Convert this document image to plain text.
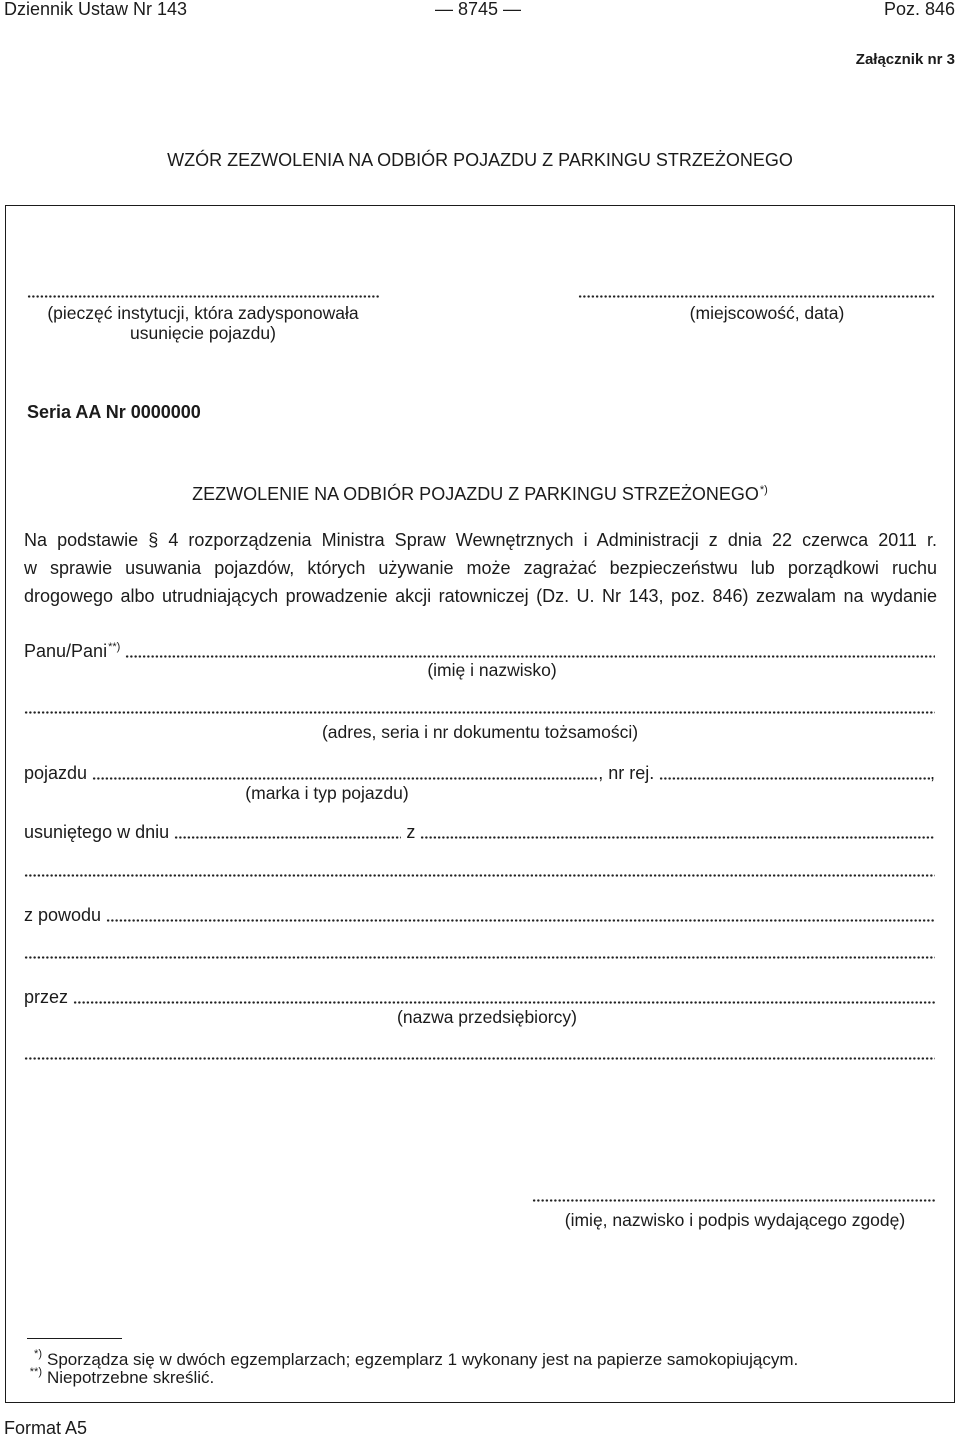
Dziennik Ustaw Nr 143	— 8745 —	Poz. 846
Załącznik nr 3
WZÓR ZEZWOLENIA NA ODBIÓR POJAZDU Z PARKINGU STRZEŻONEGO
(pieczęć instytucji, która zadysponowała
usunięcie pojazdu)
(miejscowość, data)
Seria AA Nr 0000000
ZEZWOLENIE NA ODBIÓR POJAZDU Z PARKINGU STRZEŻONEGO*)
Na podstawie § 4 rozporządzenia Ministra Spraw Wewnętrznych i Administracji z dnia 22 czerwca 2011 r.
w sprawie usuwania pojazdów, których używanie może zagrażać bezpieczeństwu lub porządkowi ruchu
drogowego albo utrudniających prowadzenie akcji ratowniczej (Dz. U. Nr 143, poz. 846) zezwalam na wydanie
Panu/Pani**)
(imię i nazwisko)
(adres, seria i nr dokumentu tożsamości)
pojazdu	, nr rej.	,
(marka i typ pojazdu)
usuniętego w dniu	z
z powodu
przez
(nazwa przedsiębiorcy)
(imię, nazwisko i podpis wydającego zgodę)
*) Sporządza się w dwóch egzemplarzach; egzemplarz 1 wykonany jest na papierze samokopiującym.
**) Niepotrzebne skreślić.
Format A5
